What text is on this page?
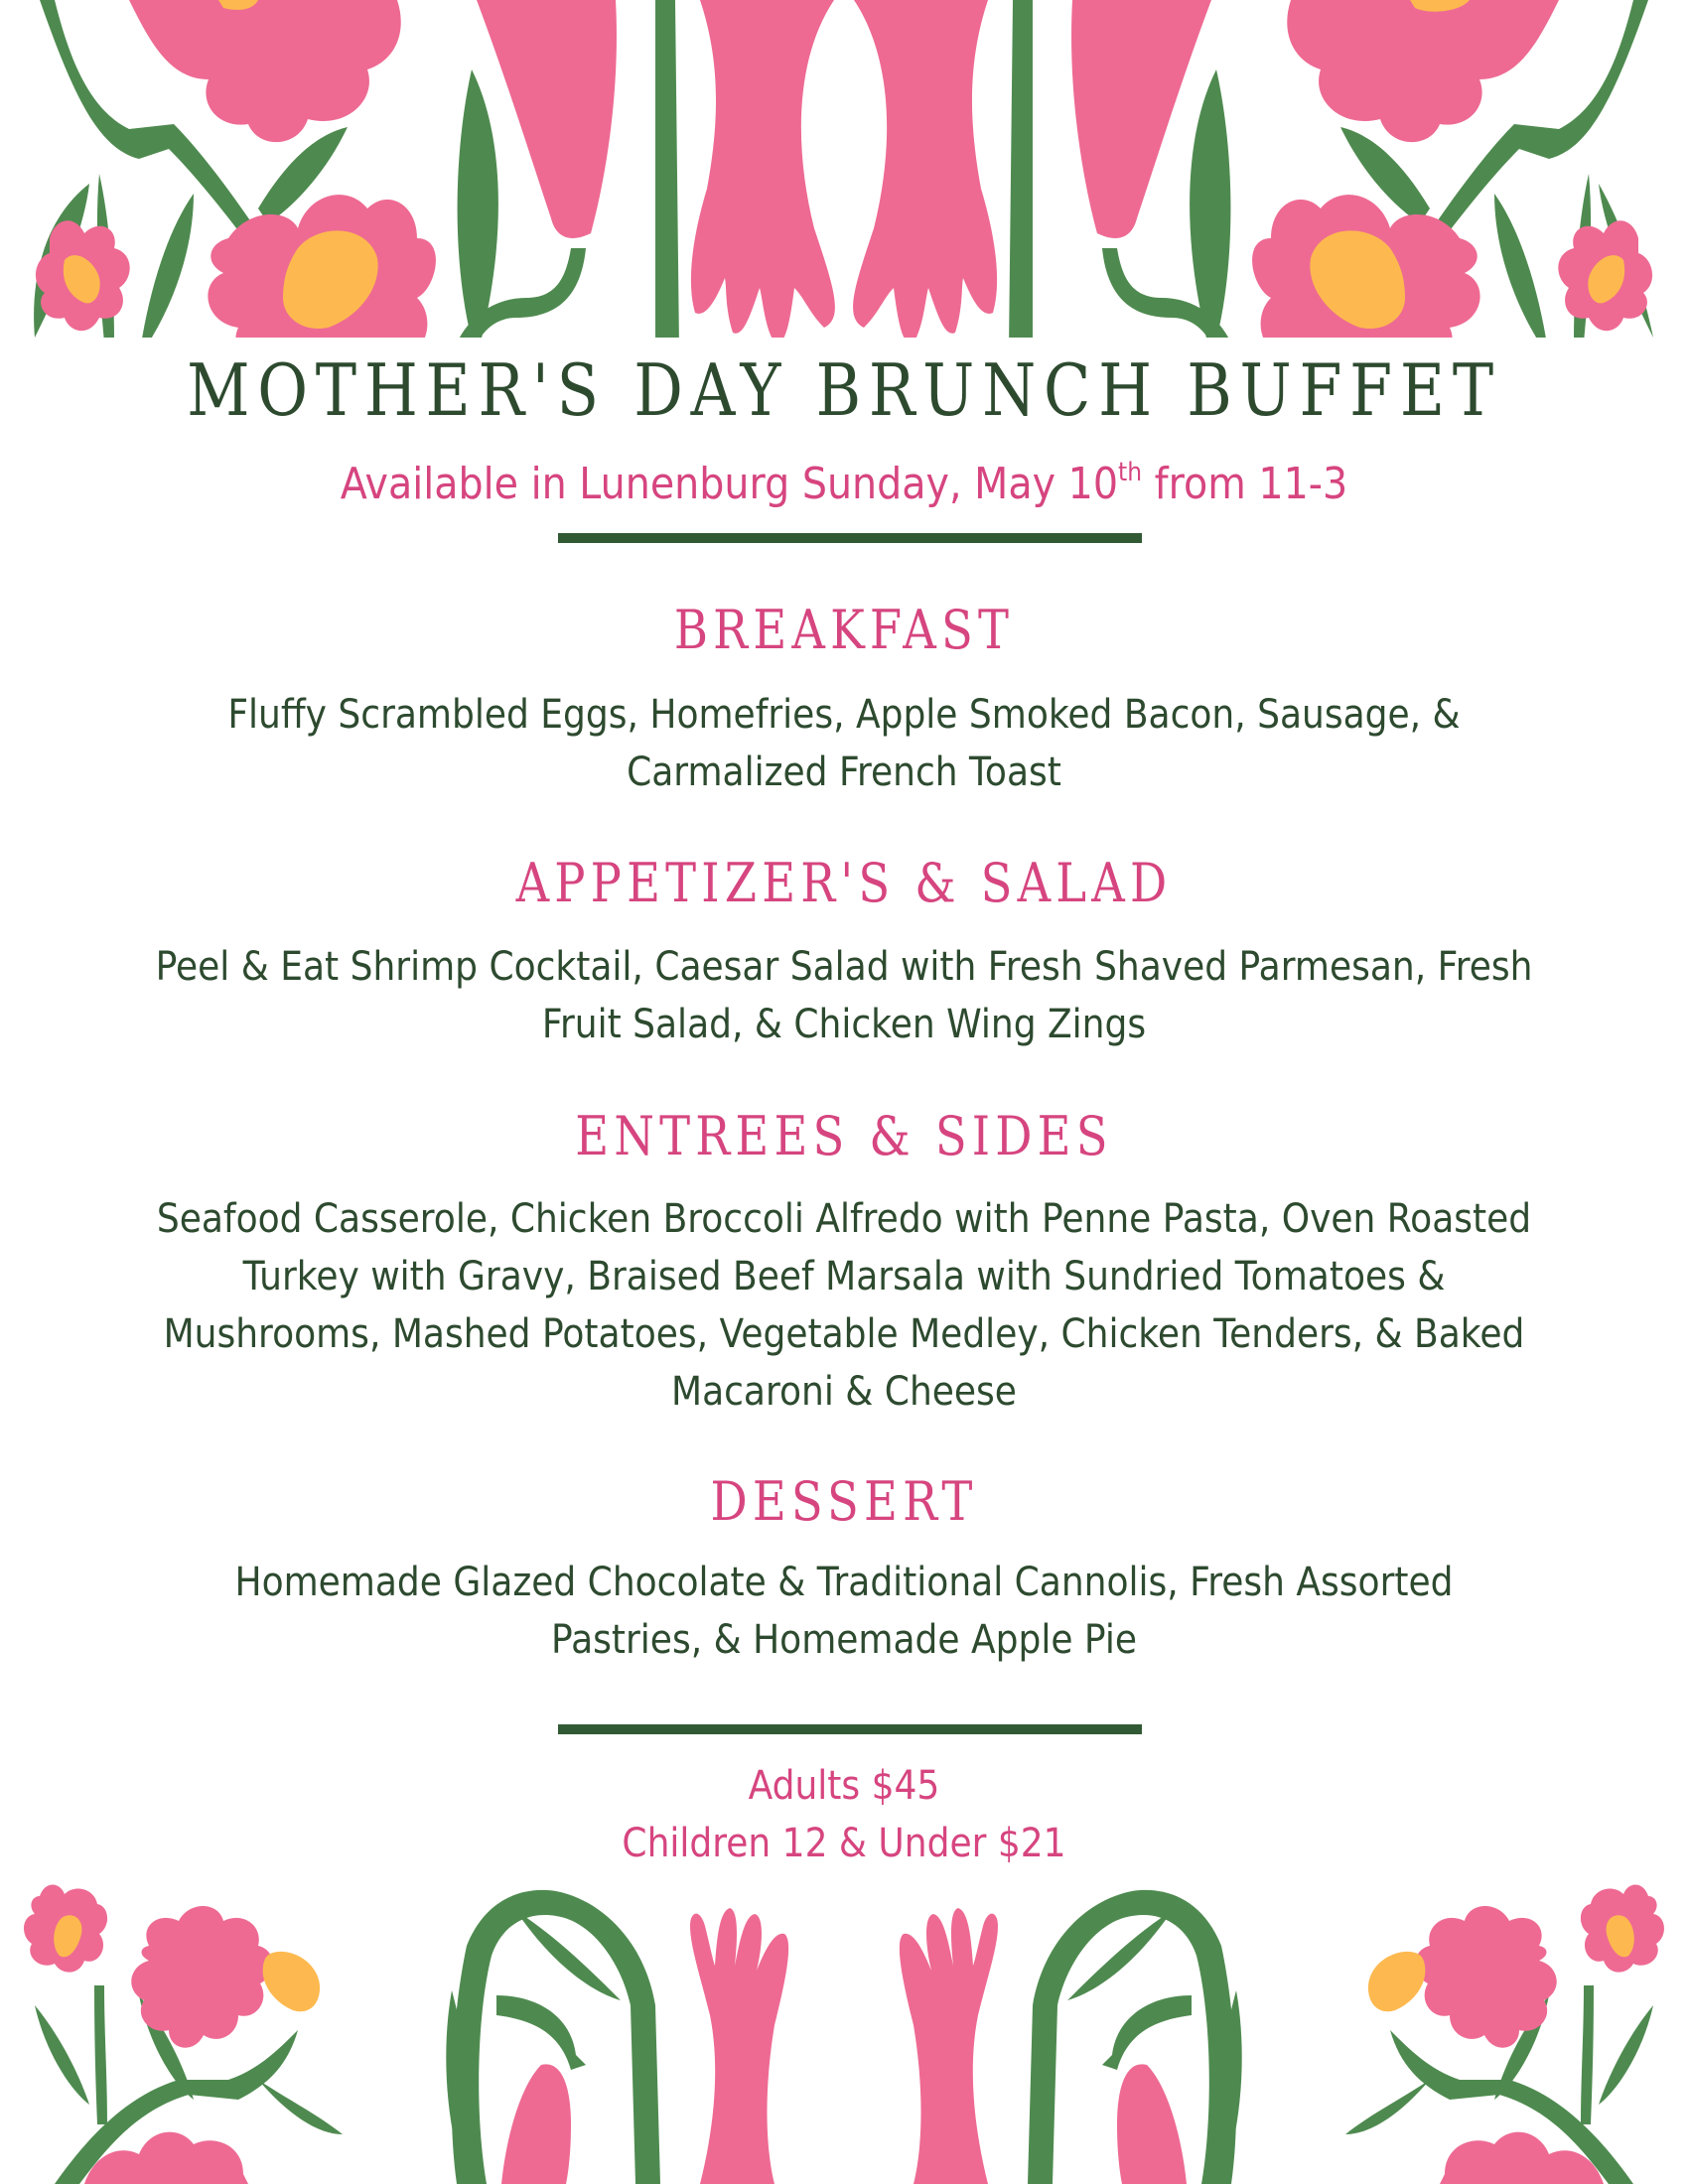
MOTHER'S DAY BRUNCH BUFFET
Available in Lunenburg Sunday, May 10th from 11-3
BREAKFAST

Fluffy Scrambled Eggs, Homefries, Apple Smoked Bacon, Sausage, &
Carmalized French Toast

APPETIZER'S & SALAD

Peel & Eat Shrimp Cocktail, Caesar Salad with Fresh Shaved Parmesan, Fresh
Fruit Salad, & Chicken Wing Zings

ENTREES & SIDES

Seafood Casserole, Chicken Broccoli Alfredo with Penne Pasta, Oven Roasted
Turkey with Gravy, Braised Beef Marsala with Sundried Tomatoes &
Mushrooms, Mashed Potatoes, Vegetable Medley, Chicken Tenders, & Baked
Macaroni & Cheese

DESSERT

Homemade Glazed Chocolate & Traditional Cannolis, Fresh Assorted
Pastries, & Homemade Apple Pie

Adults $45
Children 12 & Under $21
